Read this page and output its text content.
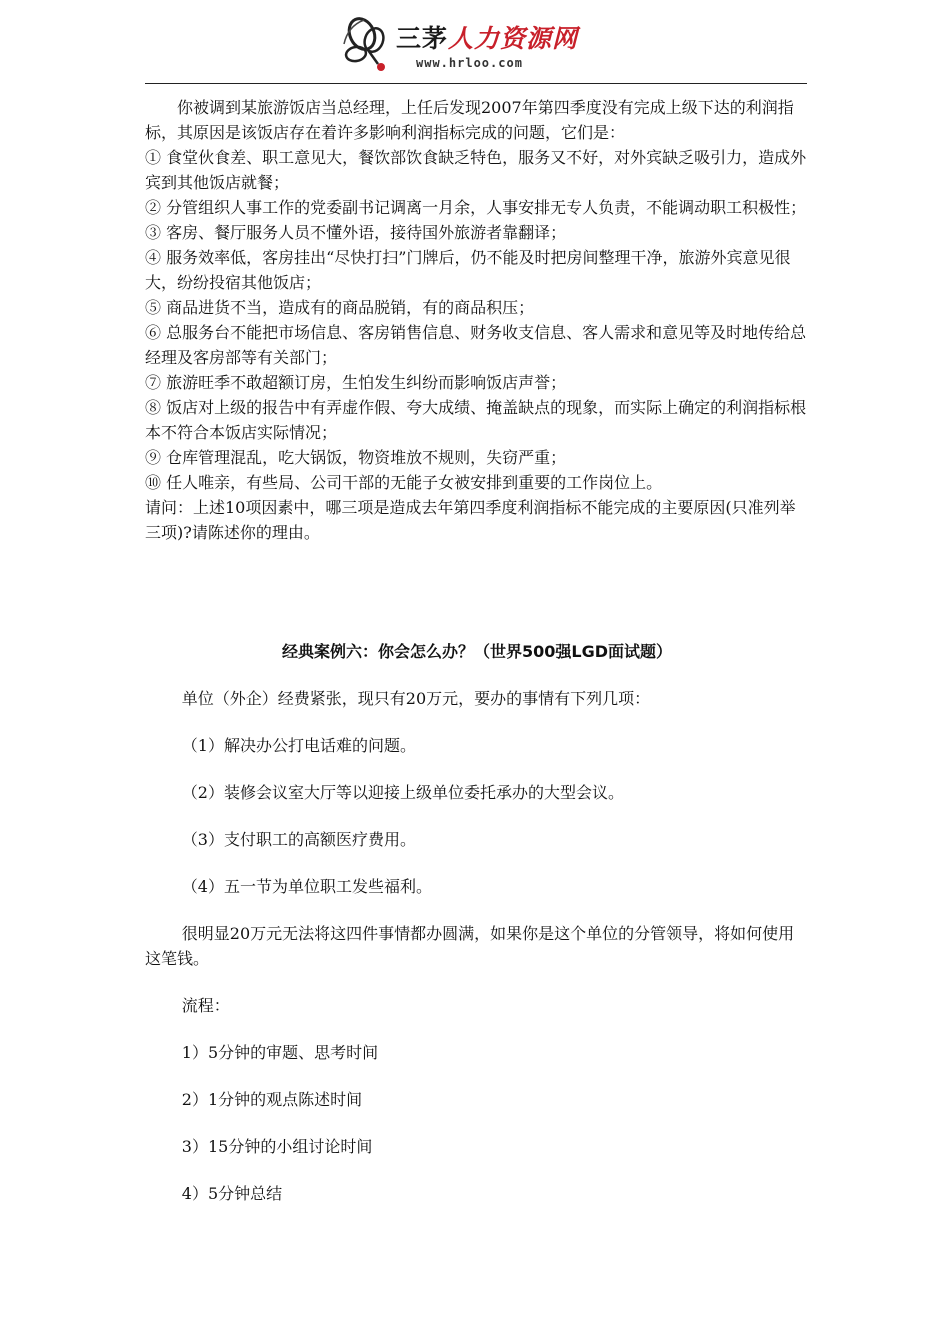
三茅人力资源网
www.hrloo.com

你被调到某旅游饭店当总经理，上任后发现2007年第四季度没有完成上级下达的利润指标，其原因是该饭店存在着许多影响利润指标完成的问题，它们是：

① 食堂伙食差、职工意见大，餐饮部饮食缺乏特色，服务又不好，对外宾缺乏吸引力，造成外宾到其他饭店就餐；

② 分管组织人事工作的党委副书记调离一月余，人事安排无专人负责，不能调动职工积极性；

③ 客房、餐厅服务人员不懂外语，接待国外旅游者靠翻译；

④ 服务效率低，客房挂出“尽快打扫”门牌后，仍不能及时把房间整理干净，旅游外宾意见很大，纷纷投宿其他饭店；

⑤ 商品进货不当，造成有的商品脱销，有的商品积压；

⑥ 总服务台不能把市场信息、客房销售信息、财务收支信息、客人需求和意见等及时地传给总经理及客房部等有关部门；

⑦ 旅游旺季不敢超额订房，生怕发生纠纷而影响饭店声誉；

⑧ 饭店对上级的报告中有弄虚作假、夸大成绩、掩盖缺点的现象，而实际上确定的利润指标根本不符合本饭店实际情况；

⑨ 仓库管理混乱，吃大锅饭，物资堆放不规则，失窃严重；

⑩ 任人唯亲，有些局、公司干部的无能子女被安排到重要的工作岗位上。

请问：上述10项因素中，哪三项是造成去年第四季度利润指标不能完成的主要原因(只准列举三项)?请陈述你的理由。

经典案例六：你会怎么办？（世界500强LGD面试题）

单位（外企）经费紧张，现只有20万元，要办的事情有下列几项：

（1）解决办公打电话难的问题。

（2）装修会议室大厅等以迎接上级单位委托承办的大型会议。

（3）支付职工的高额医疗费用。

（4）五一节为单位职工发些福利。

很明显20万元无法将这四件事情都办圆满，如果你是这个单位的分管领导，将如何使用这笔钱。

流程：

1）5分钟的审题、思考时间

2）1分钟的观点陈述时间

3）15分钟的小组讨论时间

4）5分钟总结
